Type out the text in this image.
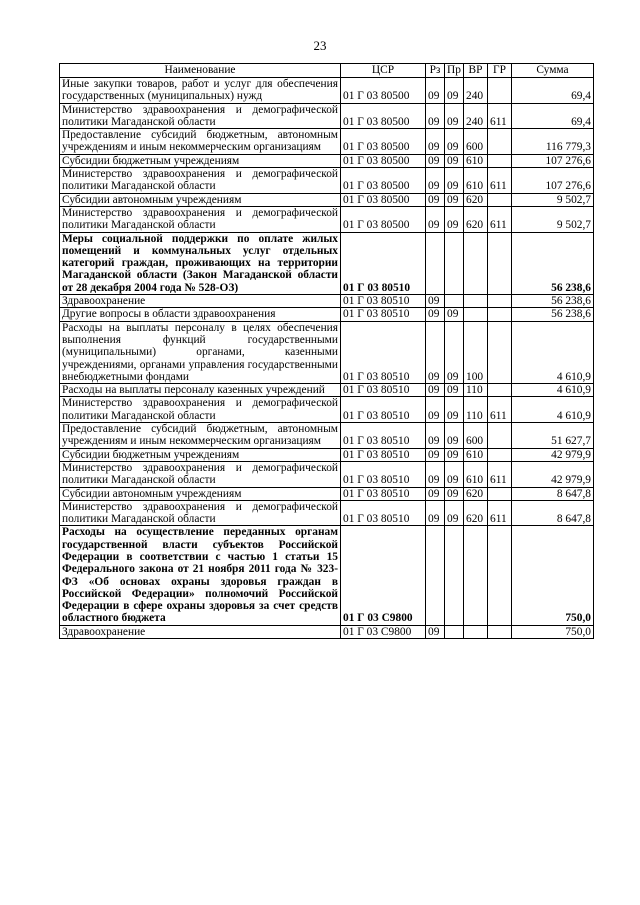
23
Наименование	ЦСР	Рз	Пр	ВР	ГР	Сумма
Иные закупки товаров, работ и услуг для обеспечения государственных (муниципальных) нужд	01 Г 03 80500	09	09	240		69,4
Министерство здравоохранения и демографической политики Магаданской области	01 Г 03 80500	09	09	240	611	69,4
Предоставление субсидий бюджетным, автономным учреждениям и иным некоммерческим организациям	01 Г 03 80500	09	09	600		116 779,3
Субсидии бюджетным учреждениям	01 Г 03 80500	09	09	610		107 276,6
Министерство здравоохранения и демографической политики Магаданской области	01 Г 03 80500	09	09	610	611	107 276,6
Субсидии автономным учреждениям	01 Г 03 80500	09	09	620		9 502,7
Министерство здравоохранения и демографической политики Магаданской области	01 Г 03 80500	09	09	620	611	9 502,7
Меры социальной поддержки по оплате жилых помещений и коммунальных услуг отдельных категорий граждан, проживающих на территории Магаданской области (Закон Магаданской области от 28 декабря 2004 года № 528-ОЗ)	01 Г 03 80510					56 238,6
Здравоохранение	01 Г 03 80510	09				56 238,6
Другие вопросы в области здравоохранения	01 Г 03 80510	09	09			56 238,6
Расходы на выплаты персоналу в целях обеспечения выполнения функций государственными (муниципальными) органами, казенными учреждениями, органами управления государственными внебюджетными фондами	01 Г 03 80510	09	09	100		4 610,9
Расходы на выплаты персоналу казенных учреждений	01 Г 03 80510	09	09	110		4 610,9
Министерство здравоохранения и демографической политики Магаданской области	01 Г 03 80510	09	09	110	611	4 610,9
Предоставление субсидий бюджетным, автономным учреждениям и иным некоммерческим организациям	01 Г 03 80510	09	09	600		51 627,7
Субсидии бюджетным учреждениям	01 Г 03 80510	09	09	610		42 979,9
Министерство здравоохранения и демографической политики Магаданской области	01 Г 03 80510	09	09	610	611	42 979,9
Субсидии автономным учреждениям	01 Г 03 80510	09	09	620		8 647,8
Министерство здравоохранения и демографической политики Магаданской области	01 Г 03 80510	09	09	620	611	8 647,8
Расходы на осуществление переданных органам государственной власти субъектов Российской Федерации в соответствии с частью 1 статьи 15 Федерального закона от 21 ноября 2011 года № 323-ФЗ «Об основах охраны здоровья граждан в Российской Федерации» полномочий Российской Федерации в сфере охраны здоровья за счет средств областного бюджета	01 Г 03 С9800					750,0
Здравоохранение	01 Г 03 С9800	09				750,0
